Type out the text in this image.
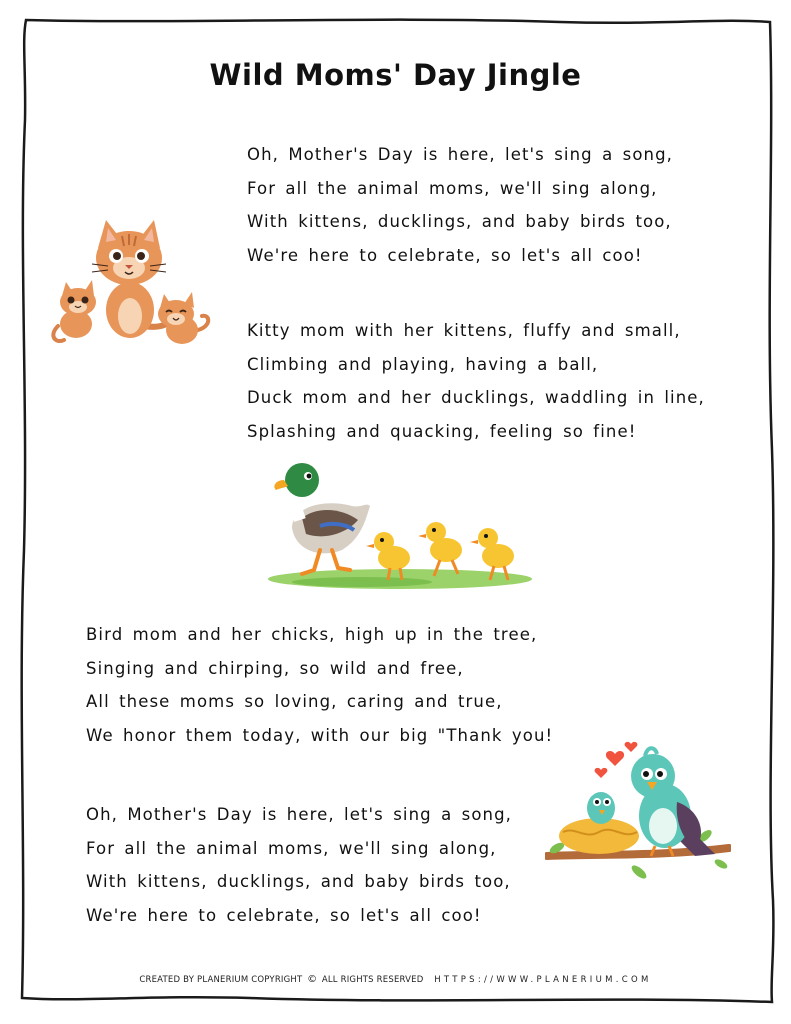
Wild Moms' Day Jingle
Oh, Mother's Day is here, let's sing a song,
For all the animal moms, we'll sing along,
With kittens, ducklings, and baby birds too,
We're here to celebrate, so let's all coo!
Kitty mom with her kittens, fluffy and small,
Climbing and playing, having a ball,
Duck mom and her ducklings, waddling in line,
Splashing and quacking, feeling so fine!
Bird mom and her chicks, high up in the tree,
Singing and chirping, so wild and free,
All these moms so loving, caring and true,
We honor them today, with our big "Thank you!
Oh, Mother's Day is here, let's sing a song,
For all the animal moms, we'll sing along,
With kittens, ducklings, and baby birds too,
We're here to celebrate, so let's all coo!
CREATED BY PLANERIUM COPYRIGHT © ALL RIGHTS RESERVED HTTPS://WWW.PLANERIUM.COM
